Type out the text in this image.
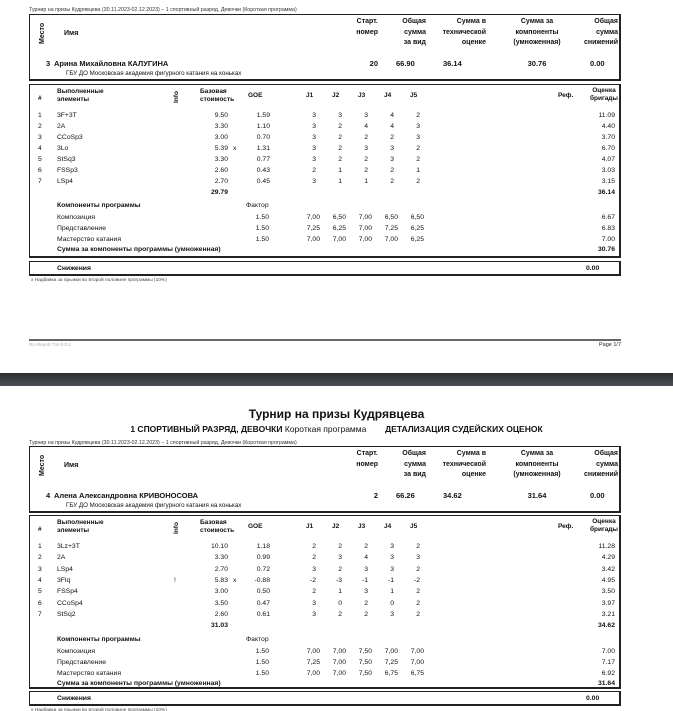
Турнир на призы Кудрявцева (30.11.2023-02.12.2023) – 1 спортивный разряд, Девочки (Короткая программа)
Место	Имя
Старт.
номер
Общая
сумма
за вид
Сумма в
технической
оценке
Сумма за
компоненты
(умноженная)
Общая
сумма
снижений
3 Арина Михайловна КАЛУГИНА
ГБУ ДО Московская академия фигурного катания на коньках
20 66.90	36.14	30.76	0.00
#
Выполненные
элементы	Info	Базовая
стоимость
GOE	J1	J2	J3	J4	J5	Реф.
Оценка
бригады
1 3F+3T	9.50	1.59	3	3	3	4	2	11.09
2 2A	3.30	1.10	3	2	4	4	3	4.40
3 CCoSp3	3.00	0.70	3	2	2	2	3	3.70
4 3Lo	5.39 x	1.31	3	2	3	3	2	6.70
5 StSq3	3.30	0.77	3	2	2	3	2	4.07
6 FSSp3	2.60	0.43	2	1	2	2	1	3.03
7 LSp4	2.70	0.45	3	1	1	2	2	3.15
29.79	36.14
Компоненты программы	Фактор
Композиция	1.50	7,00	6,50	7,00	6,50	6,50	6.67
Представление	1.50	7,25	6,25	7,00	7,25	6,25	6.83
Мастерство катания	1.50	7,00	7,00	7,00	7,00	6,25	7.00
Сумма за компоненты программы (умноженная)	30.76
Снижения	0.00
x Надбавка за прыжки во второй половине программы (10%)
RU-Report 73A 0.0.1	Page 1/7
Турнир на призы Кудрявцева
1 СПОРТИВНЫЙ РАЗРЯД, ДЕВОЧКИ Короткая программа ДЕТАЛИЗАЦИЯ СУДЕЙСКИХ ОЦЕНОК
Турнир на призы Кудрявцева (30.11.2023-02.12.2023) – 1 спортивный разряд, Девочки (Короткая программа)
Место	Имя
Старт.
номер
Общая
сумма
за вид
Сумма в
технической
оценке
Сумма за
компоненты
(умноженная)
Общая
сумма
снижений
4 Алена Александровна КРИВОНОСОВА
ГБУ ДО Московская академия фигурного катания на коньках
2 66.26	34.62	31.64	0.00
#
Выполненные
элементы	Info	Базовая
стоимость
GOE	J1	J2	J3	J4	J5	Реф.
Оценка
бригады
1 3Lz+3T	10.10	1.18	2	2	2	3	2	11.28
2 2A	3.30	0.99	2	3	4	3	3	4.29
3 LSp4	2.70	0.72	3	2	3	3	2	3.42
4 3Flq	!	5.83 x	-0.88	-2	-3	-1	-1	-2	4.95
5 FSSp4	3.00	0.50	2	1	3	1	2	3.50
6 CCoSp4	3.50	0.47	3	0	2	0	2	3.97
7 StSq2	2.60	0.61	3	2	2	3	2	3.21
31.03	34.62
Компоненты программы	Фактор
Композиция	1.50	7,00	7,00	7,50	7,00	7,00	7.00
Представление	1.50	7,25	7,00	7,50	7,25	7,00	7.17
Мастерство катания	1.50	7,00	7,00	7,50	6,75	6,75	6.92
Сумма за компоненты программы (умноженная)	31.64
Снижения	0.00
x Надбавка за прыжки во второй половине программы (10%)
